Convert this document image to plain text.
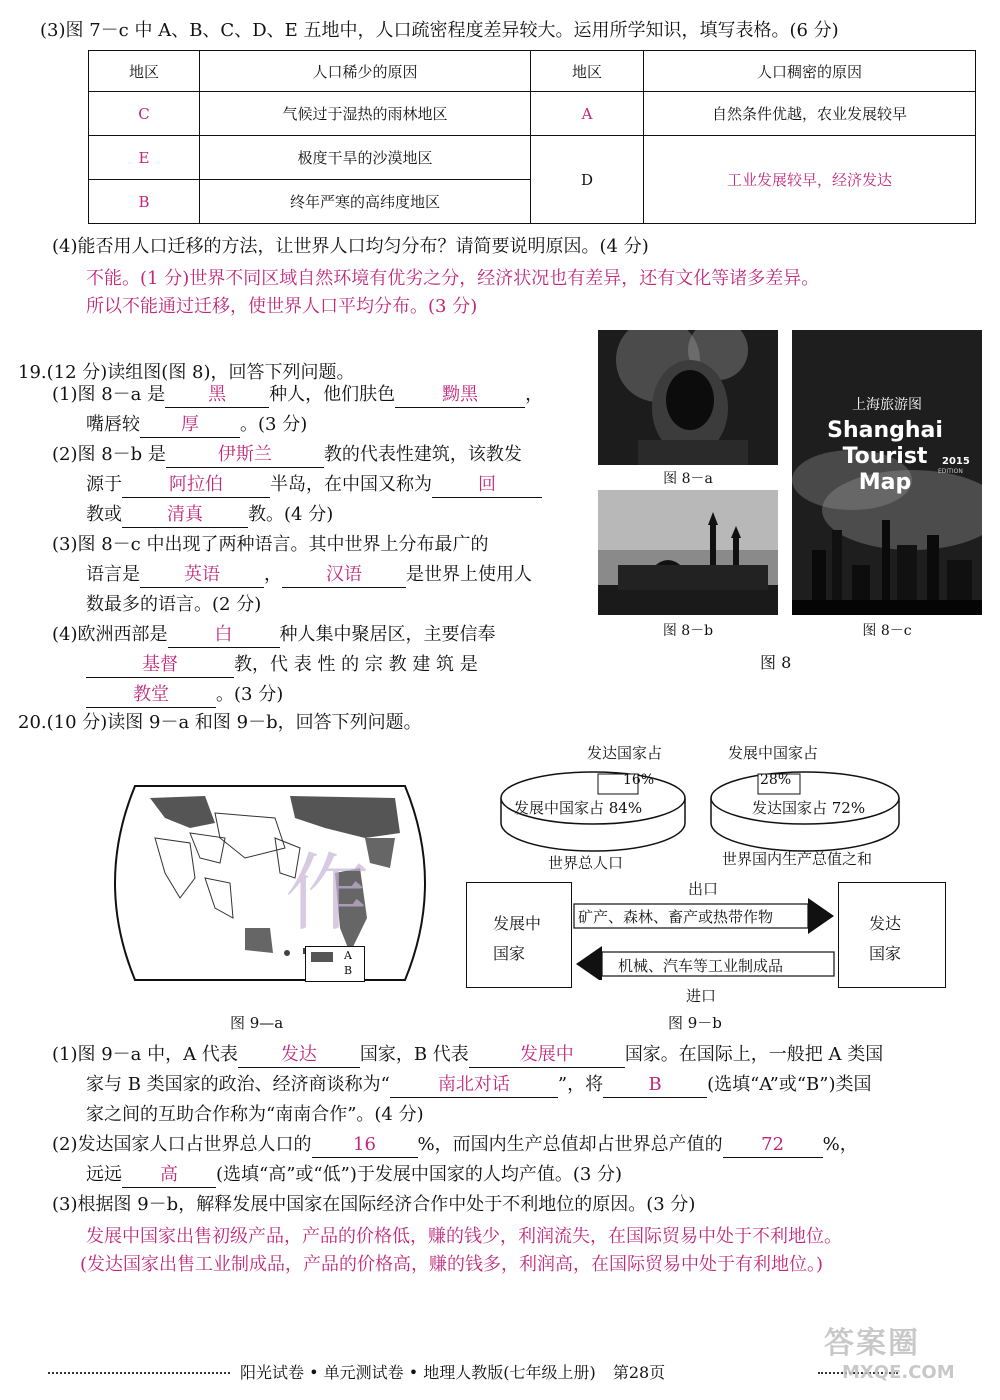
(3)图 7－c 中 A、B、C、D、E 五地中，人口疏密程度差异较大。运用所学知识，填写表格。(6 分)
地区	人口稀少的原因	地区	人口稠密的原因
C	气候过于湿热的雨林地区	A	自然条件优越，农业发展较早
E	极度干旱的沙漠地区	D	工业发展较早，经济发达
B	终年严寒的高纬度地区		
(4)能否用人口迁移的方法，让世界人口均匀分布？请简要说明原因。(4 分)
不能。(1 分)世界不同区域自然环境有优劣之分，经济状况也有差异，还有文化等诸多差异。
所以不能通过迁移，使世界人口平均分布。(3 分)
19.(12 分)读组图(图 8)，回答下列问题。
(1)图 8－a 是 黑 种人，他们肤色	黝黑	，
嘴唇较 厚 。(3 分)
(2)图 8－b 是	伊斯兰	教的代表性建筑，该教发
源于	阿拉伯	半岛，在中国又称为	回
教或	清真	教。(4 分)
(3)图 8－c 中出现了两种语言。其中世界上分布最广的
语言是 英语 ， 汉语 是世界上使用人
数最多的语言。(2 分)
(4)欧洲西部是	白	种人集中聚居区，主要信奉
基督	教，代 表 性 的 宗 教 建 筑 是
教堂	。(3 分)
图 8－a
图 8－b
上海旅游图
Shanghai
Tourist
Map
2015
EDITION
图 8－c
图 8
20.(10 分)读图 9－a 和图 9－b，回答下列问题。
作
A
B
图 9—a
发达国家占
16%
发展中国家占 84%
世界总人口
发展中国家占
28%
发达国家占 72%
世界国内生产总值之和
发展中
国家
发达
国家
出口
矿产、森林、畜产或热带作物
机械、汽车等工业制成品
进口
图 9－b
(1)图 9－a 中，A 代表 发达 国家，B 代表	发展中	国家。在国际上，一般把 A 类国
家与 B 类国家的政治、经济商谈称为“	南北对话	”，将	B	(选填“A”或“B”)类国
家之间的互助合作称为“南南合作”。(4 分)
(2)发达国家人口占世界总人口的 16 %，而国内生产总值却占世界总产值的 72 %，
远远 高 (选填“高”或“低”)于发展中国家的人均产值。(3 分)
(3)根据图 9－b，解释发展中国家在国际经济合作中处于不利地位的原因。(3 分)
发展中国家出售初级产品，产品的价格低，赚的钱少，利润流失，在国际贸易中处于不利地位。
(发达国家出售工业制成品，产品的价格高，赚的钱多，利润高，在国际贸易中处于有利地位。)
阳光试卷 • 单元测试卷 • 地理人教版(七年级上册) 第28页
答案圈
MXQE.COM
